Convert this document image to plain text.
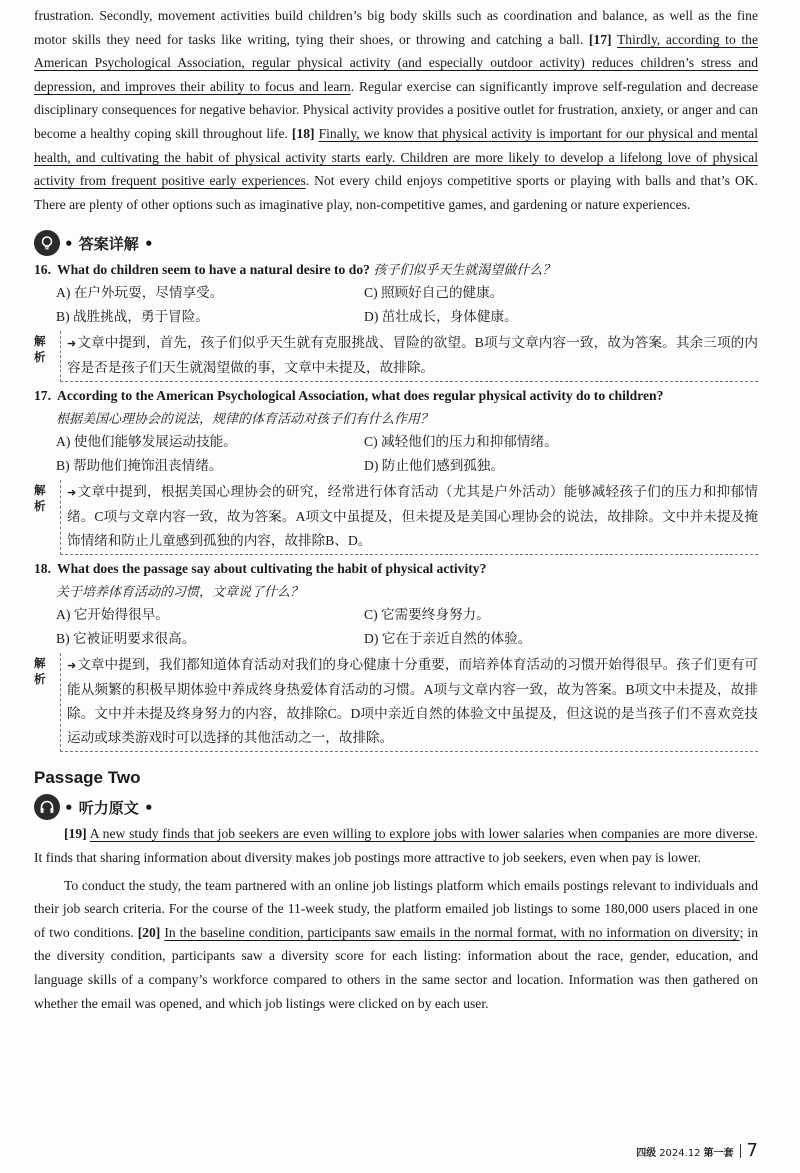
frustration. Secondly, movement activities build children’s big body skills such as coordination and balance, as well as the fine motor skills they need for tasks like writing, tying their shoes, or throwing and catching a ball. [17] Thirdly, according to the American Psychological Association, regular physical activity (and especially outdoor activity) reduces children’s stress and depression, and improves their ability to focus and learn. Regular exercise can significantly improve self-regulation and decrease disciplinary consequences for negative behavior. Physical activity provides a positive outlet for frustration, anxiety, or anger and can become a healthy coping skill throughout life. [18] Finally, we know that physical activity is important for our physical and mental health, and cultivating the habit of physical activity starts early. Children are more likely to develop a lifelong love of physical activity from frequent positive early experiences. Not every child enjoys competitive sports or playing with balls and that’s OK. There are plenty of other options such as imaginative play, non-competitive games, and gardening or nature experiences.

• 答案详解 •
16. What do children seem to have a natural desire to do? 孩子们似乎天生就渴望做什么？
A) 在户外玩耍，尽情享受。	C) 照顾好自己的健康。
B) 战胜挑战，勇于冒险。	D) 茁壮成长，身体健康。
解析
➜文章中提到，首先，孩子们似乎天生就有克服挑战、冒险的欲望。B项与文章内容一致，故为答案。其余三项的内容是否是孩子们天生就渴望做的事，文章中未提及，故排除。
17. According to the American Psychological Association, what does regular physical activity do to children?
根据美国心理协会的说法，规律的体育活动对孩子们有什么作用？
A) 使他们能够发展运动技能。	C) 减轻他们的压力和抑郁情绪。
B) 帮助他们掩饰沮丧情绪。	D) 防止他们感到孤独。
解析
➜文章中提到，根据美国心理协会的研究，经常进行体育活动（尤其是户外活动）能够减轻孩子们的压力和抑郁情绪。C项与文章内容一致，故为答案。A项文中虽提及，但未提及是美国心理协会的说法，故排除。文中并未提及掩饰情绪和防止儿童感到孤独的内容，故排除B、D。
18. What does the passage say about cultivating the habit of physical activity?
关于培养体育活动的习惯，文章说了什么？
A) 它开始得很早。	C) 它需要终身努力。
B) 它被证明要求很高。	D) 它在于亲近自然的体验。
解析
➜文章中提到，我们都知道体育活动对我们的身心健康十分重要，而培养体育活动的习惯开始得很早。孩子们更有可能从频繁的积极早期体验中养成终身热爱体育活动的习惯。A项与文章内容一致，故为答案。B项文中未提及，故排除。文中并未提及终身努力的内容，故排除C。D项中亲近自然的体验文中虽提及，但这说的是当孩子们不喜欢竞技运动或球类游戏时可以选择的其他活动之一，故排除。
Passage Two
• 听力原文 •

[19] A new study finds that job seekers are even willing to explore jobs with lower salaries when companies are more diverse. It finds that sharing information about diversity makes job postings more attractive to job seekers, even when pay is lower.

To conduct the study, the team partnered with an online job listings platform which emails postings relevant to individuals and their job search criteria. For the course of the 11-week study, the platform emailed job listings to some 180,000 users placed in one of two conditions. [20] In the baseline condition, participants saw emails in the normal format, with no information on diversity; in the diversity condition, participants saw a diversity score for each listing: information about the race, gender, education, and language skills of a company’s workforce compared to others in the same sector and location. Information was then gathered on whether the email was opened, and which job listings were clicked on by each user.

四级 2024.12 第一套 7
